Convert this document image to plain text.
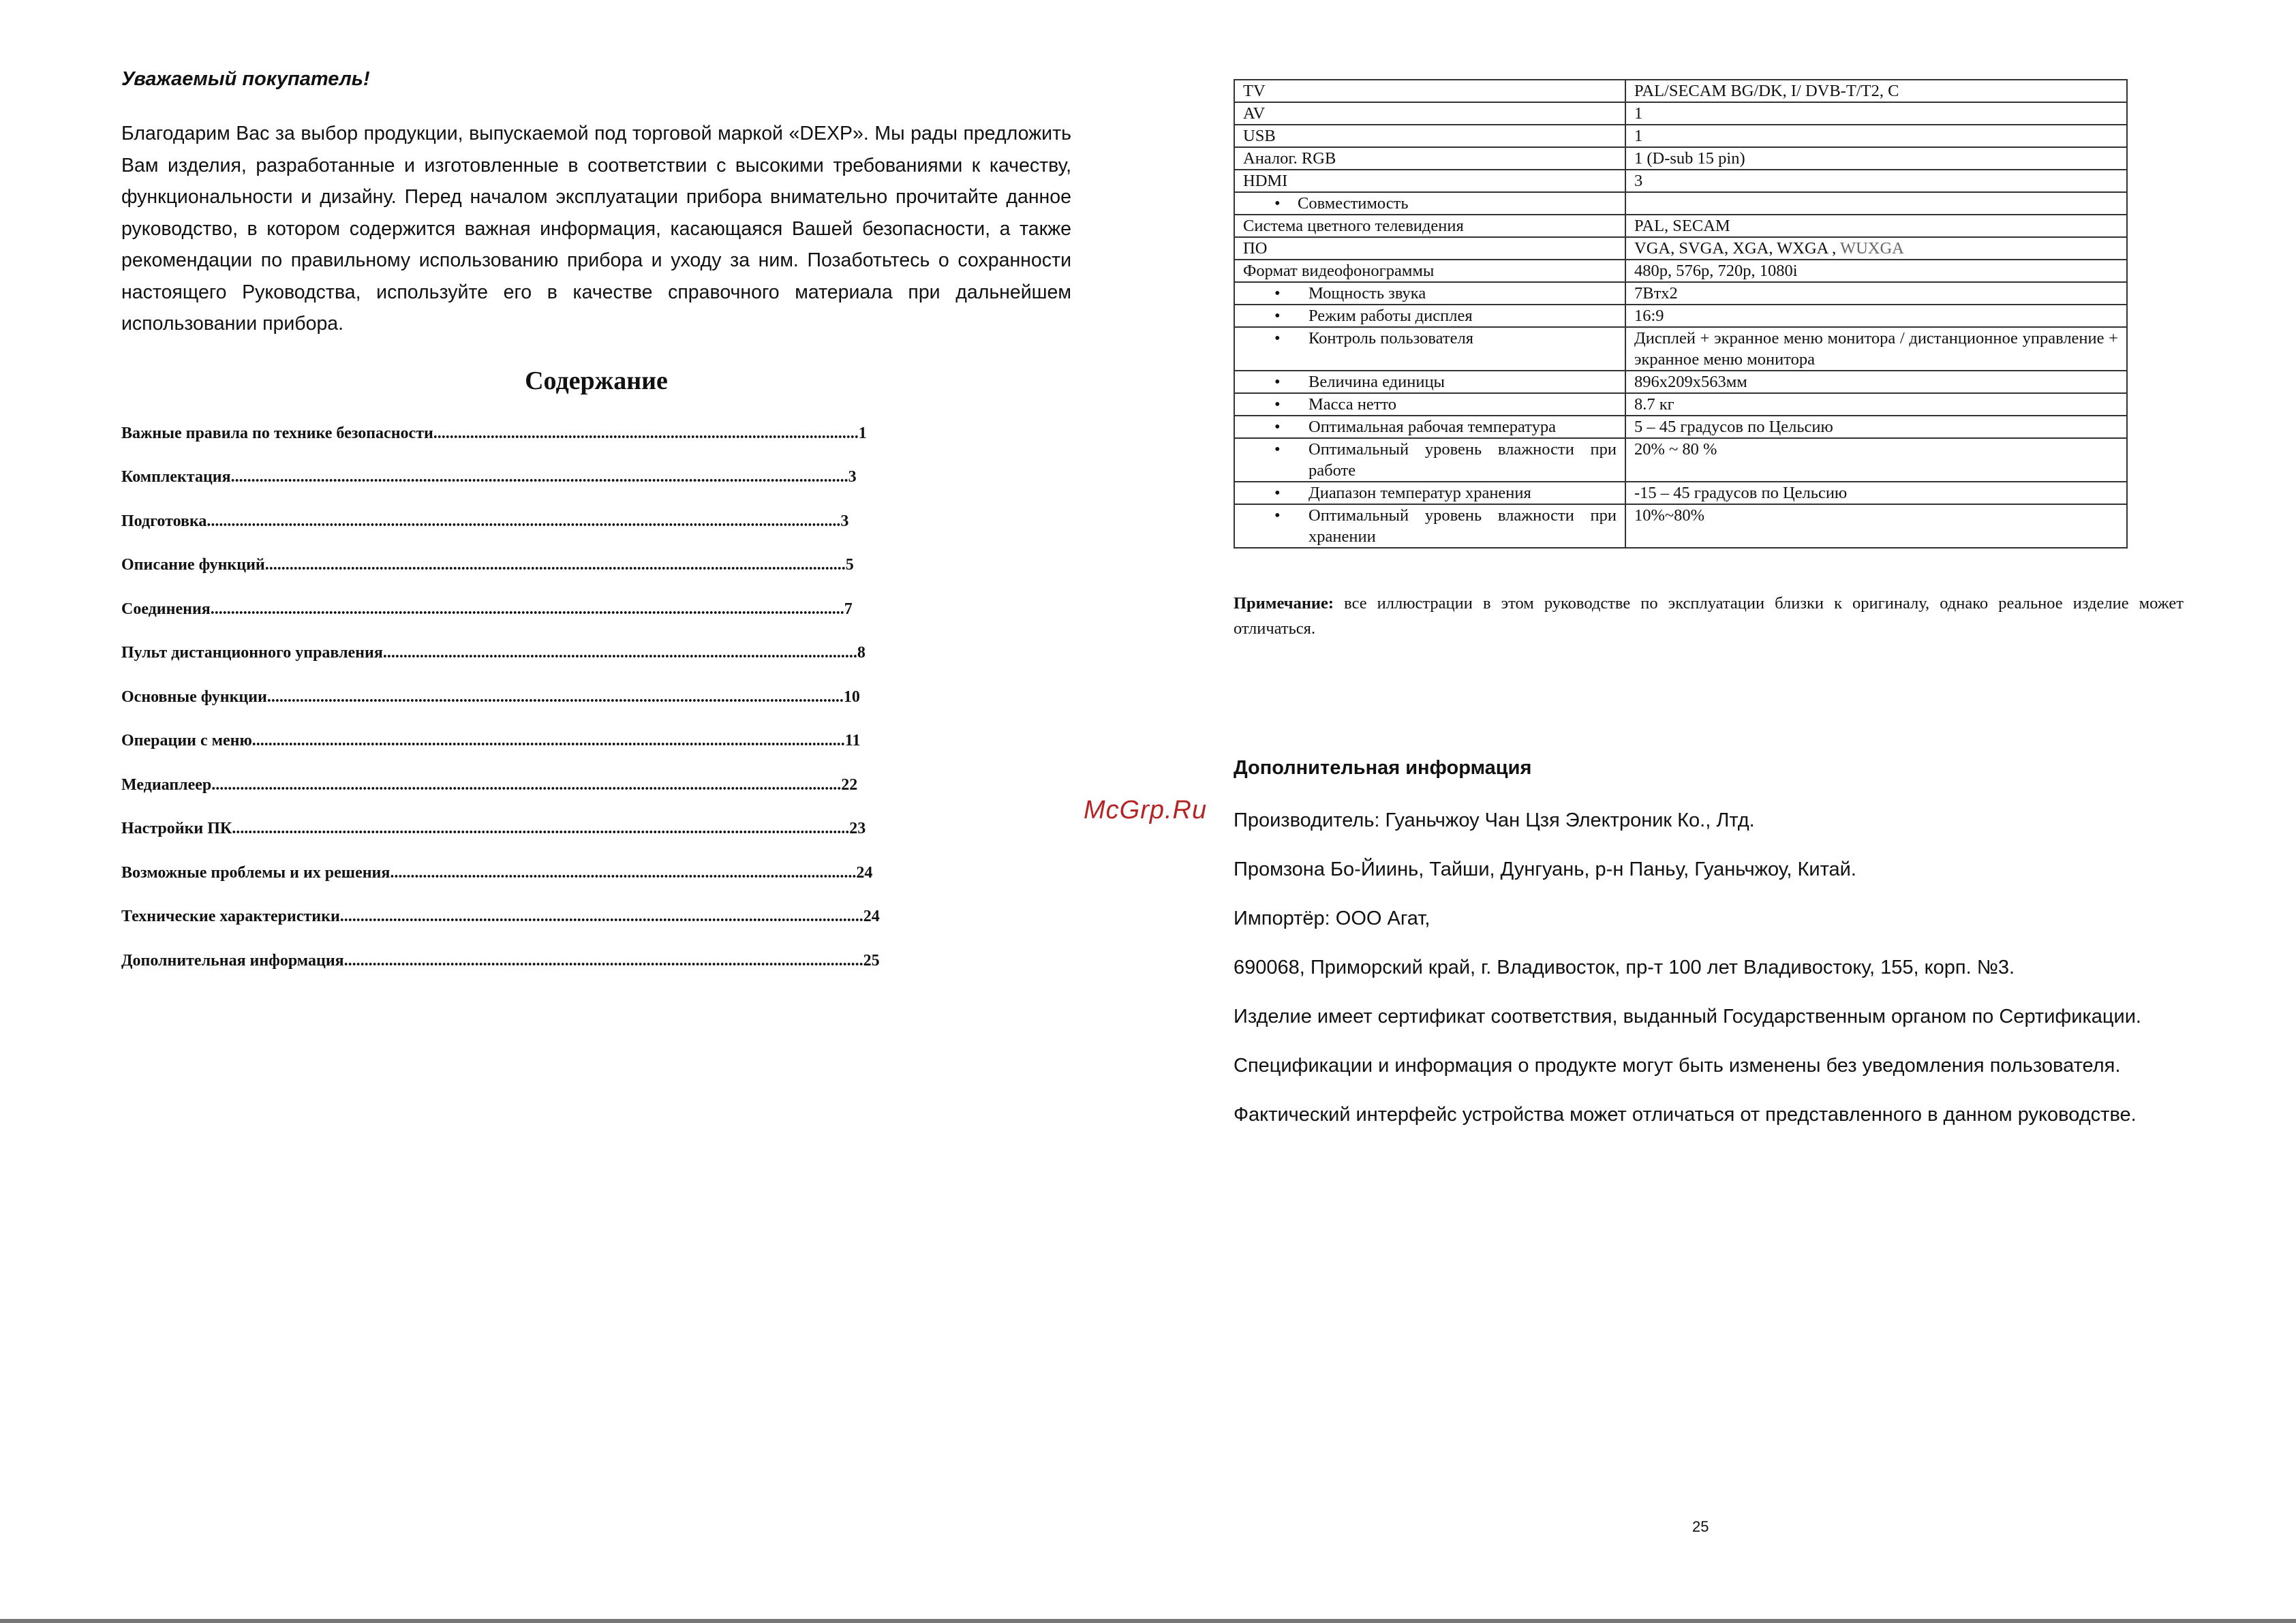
Уважаемый покупатель!

Благодарим Вас за выбор продукции, выпускаемой под торговой маркой «DEXP». Мы рады предложить Вам изделия, разработанные и изготовленные в соответствии с высокими требованиями к качеству, функциональности и дизайну. Перед началом эксплуатации прибора внимательно прочитайте данное руководство, в котором содержится важная информация, касающаяся Вашей безопасности, а также рекомендации по правильному использованию прибора и уходу за ним. Позаботьтесь о сохранности настоящего Руководства, используйте его в качестве справочного материала при дальнейшем использовании прибора.

Содержание
Важные правила по технике безопасности........................................................................................................1
Комплектация.......................................................................................................................................................3
Подготовка...........................................................................................................................................................3
Описание функций..............................................................................................................................................5
Соединения...........................................................................................................................................................7
Пульт дистанционного управления....................................................................................................................8
Основные функции.............................................................................................................................................10
Операции с меню.................................................................................................................................................11
Медиаплеер..........................................................................................................................................................22
Настройки ПК.......................................................................................................................................................23
Возможные проблемы и их решения..................................................................................................................24
Технические характеристики................................................................................................................................24
Дополнительная информация...............................................................................................................................25
McGrp.Ru
TV	PAL/SECAM BG/DK, I/ DVB-T/T2, C
AV	1
USB	1
Аналог. RGB	1 (D-sub 15 pin)
HDMI	3

• Совместимость

Система цветного телевидения	PAL, SECAM
ПО	VGA, SVGA, XGA, WXGA , WUXGA
Формат видеофонограммы	480p, 576p, 720p, 1080i

• Мощность звука	7Втx2

• Режим работы дисплея	16:9

• Контроль пользователя	Дисплей + экранное меню монитора / дистанционное управление + экранное меню монитора

• Величина единицы	896x209x563мм

• Масса нетто	8.7 кг

• Оптимальная рабочая температура	5 – 45 градусов по Цельсию

• Оптимальный уровень влажности при работе	20% ~ 80 %

• Диапазон температур хранения	-15 – 45 градусов по Цельсию

• Оптимальный уровень влажности при хранении	10%~80%

Примечание: все иллюстрации в этом руководстве по эксплуатации близки к оригиналу, однако реальное изделие может отличаться.

Дополнительная информация

Производитель: Гуаньчжоу Чан Цзя Электроник Ко., Лтд.

Промзона Бо-Йиинь, Тайши, Дунгуань, р-н Паньу, Гуаньчжоу, Китай.

Импортёр: ООО Агат,

690068, Приморский край, г. Владивосток, пр-т 100 лет Владивостоку, 155, корп. №3.

Изделие имеет сертификат соответствия, выданный Государственным органом по Сертификации.

Спецификации и информация о продукте могут быть изменены без уведомления пользователя.

Фактический интерфейс устройства может отличаться от представленного в данном руководстве.

25
